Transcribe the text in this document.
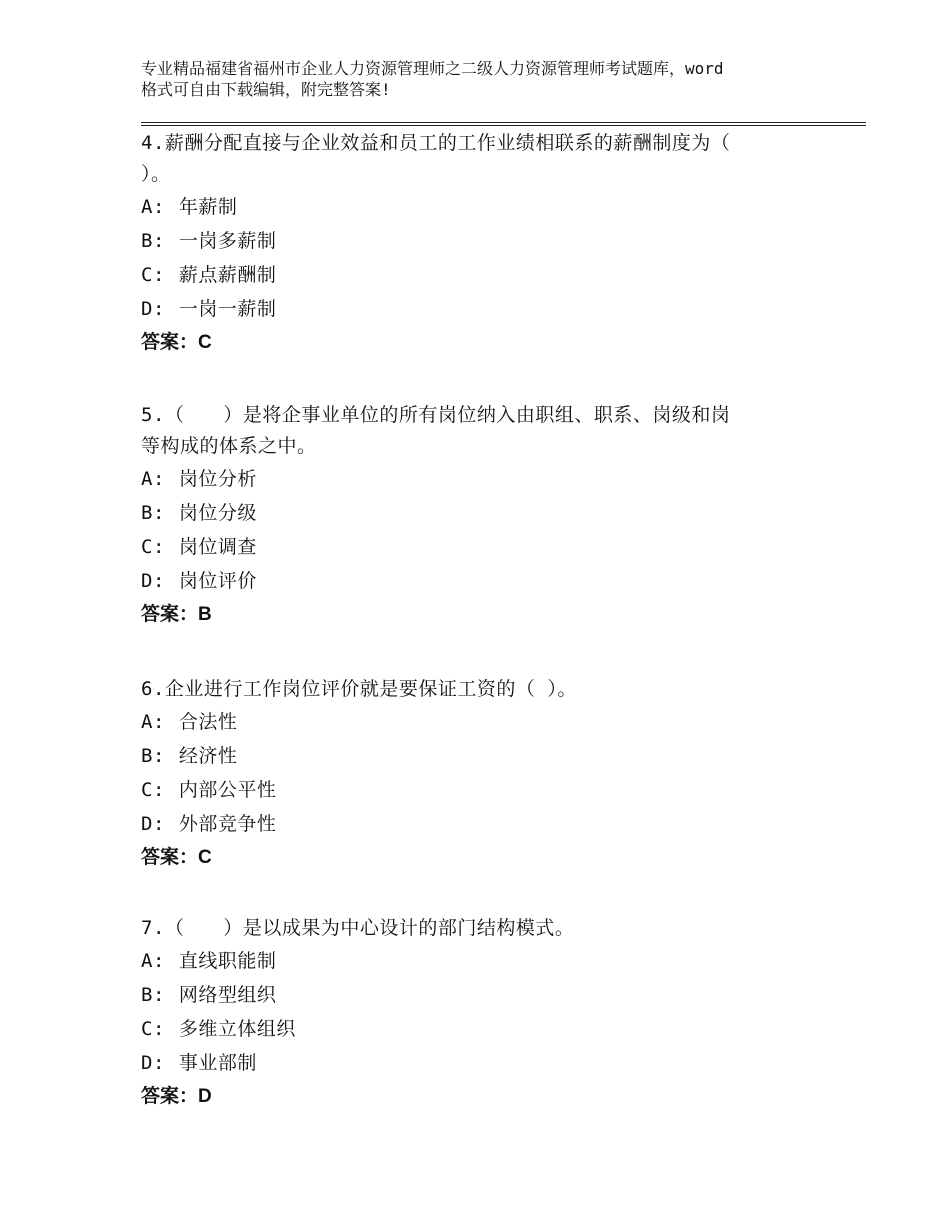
专业精品福建省福州市企业人力资源管理师之二级人力资源管理师考试题库，word
格式可自由下载编辑，附完整答案!

4.薪酬分配直接与企业效益和员工的工作业绩相联系的薪酬制度为（

）。

A: 年薪制
B: 一岗多薪制
C: 薪点薪酬制
D: 一岗一薪制
答案：C

5.（　　）是将企事业单位的所有岗位纳入由职组、职系、岗级和岗

等构成的体系之中。

A: 岗位分析
B: 岗位分级
C: 岗位调查
D: 岗位评价
答案：B

6.企业进行工作岗位评价就是要保证工资的（ ）。

A: 合法性
B: 经济性
C: 内部公平性
D: 外部竞争性
答案：C

7.（　　）是以成果为中心设计的部门结构模式。

A: 直线职能制
B: 网络型组织
C: 多维立体组织
D: 事业部制
答案：D
